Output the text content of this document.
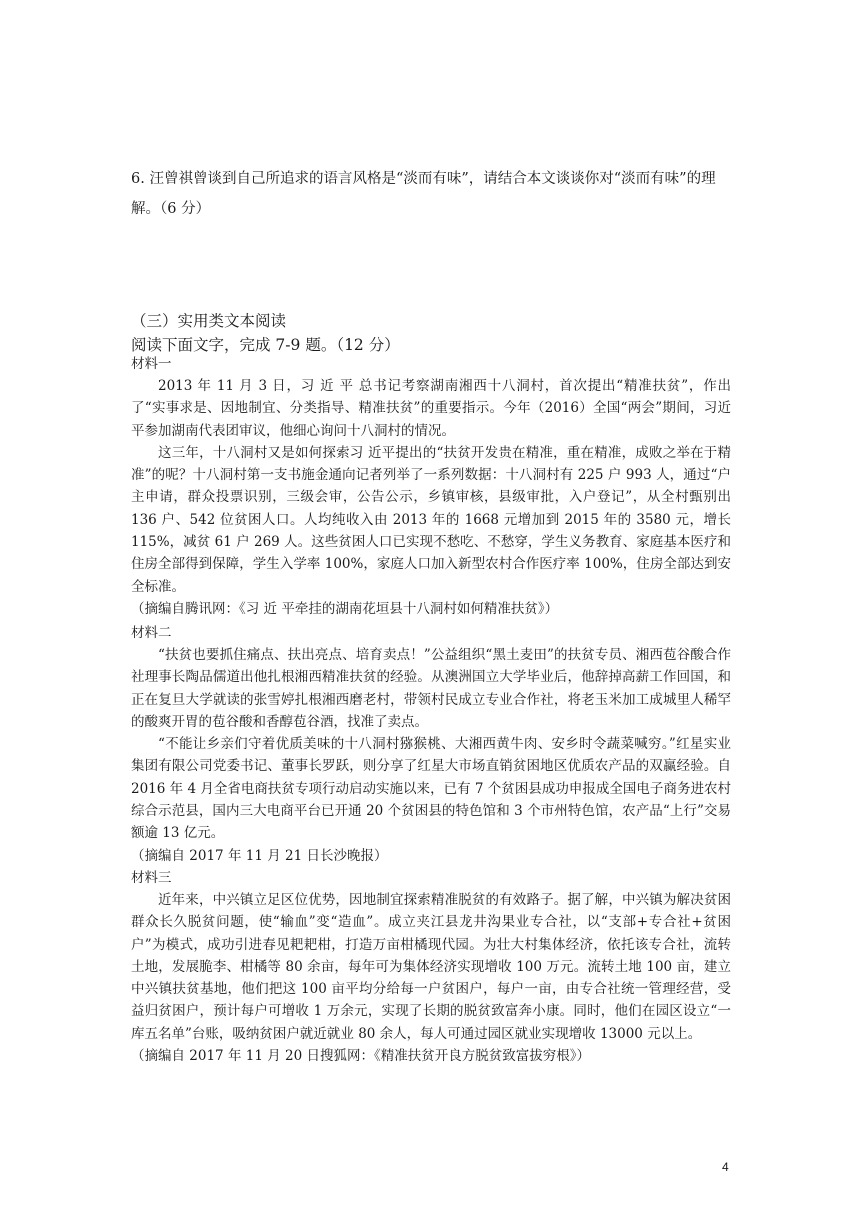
6. 汪曾祺曾谈到自己所追求的语言风格是“淡而有味”，请结合本文谈谈你对“淡而有味”的理解。（6 分）

（三）实用类文本阅读

阅读下面文字，完成 7-9 题。（12 分）

材料一

2013 年 11 月 3 日，习 近 平 总书记考察湖南湘西十八洞村，首次提出“精准扶贫”，作出了“实事求是、因地制宜、分类指导、精准扶贫”的重要指示。今年（2016）全国“两会”期间，习近平参加湖南代表团审议，他细心询问十八洞村的情况。

这三年，十八洞村又是如何探索习 近平提出的“扶贫开发贵在精准，重在精准，成败之举在于精准”的呢？十八洞村第一支书施金通向记者列举了一系列数据：十八洞村有 225 户 993 人，通过“户主申请，群众投票识别，三级会审，公告公示，乡镇审核，县级审批，入户登记”，从全村甄别出 136 户、542 位贫困人口。人均纯收入由 2013 年的 1668 元增加到 2015 年的 3580 元，增长 115%，减贫 61 户 269 人。这些贫困人口已实现不愁吃、不愁穿，学生义务教育、家庭基本医疗和住房全部得到保障，学生入学率 100%，家庭人口加入新型农村合作医疗率 100%，住房全部达到安全标准。

（摘编自腾讯网：《习 近 平牵挂的湖南花垣县十八洞村如何精准扶贫》）

材料二

“扶贫也要抓住痛点、扶出亮点、培育卖点！”公益组织“黑土麦田”的扶贫专员、湘西苞谷酸合作社理事长陶品儒道出他扎根湘西精准扶贫的经验。从澳洲国立大学毕业后，他辞掉高薪工作回国，和正在复旦大学就读的张雪婷扎根湘西磨老村，带领村民成立专业合作社，将老玉米加工成城里人稀罕的酸爽开胃的苞谷酸和香醇苞谷酒，找准了卖点。

“不能让乡亲们守着优质美味的十八洞村猕猴桃、大湘西黄牛肉、安乡时令蔬菜喊穷。”红星实业集团有限公司党委书记、董事长罗跃，则分享了红星大市场直销贫困地区优质农产品的双赢经验。自 2016 年 4 月全省电商扶贫专项行动启动实施以来，已有 7 个贫困县成功申报成全国电子商务进农村综合示范县，国内三大电商平台已开通 20 个贫困县的特色馆和 3 个市州特色馆，农产品“上行”交易额逾 13 亿元。

（摘编自 2017 年 11 月 21 日长沙晚报）

材料三

近年来，中兴镇立足区位优势，因地制宜探索精准脱贫的有效路子。据了解，中兴镇为解决贫困群众长久脱贫问题，使“输血”变“造血”。成立夹江县龙井沟果业专合社，以“支部+专合社+贫困户”为模式，成功引进春见耙耙柑，打造万亩柑橘现代园。为壮大村集体经济，依托该专合社，流转土地，发展脆李、柑橘等 80 余亩，每年可为集体经济实现增收 100 万元。流转土地 100 亩，建立中兴镇扶贫基地，他们把这 100 亩平均分给每一户贫困户，每户一亩，由专合社统一管理经营，受益归贫困户，预计每户可增收 1 万余元，实现了长期的脱贫致富奔小康。同时，他们在园区设立“一库五名单”台账，吸纳贫困户就近就业 80 余人，每人可通过园区就业实现增收 13000 元以上。

（摘编自 2017 年 11 月 20 日搜狐网：《精准扶贫开良方脱贫致富拔穷根》）

4
